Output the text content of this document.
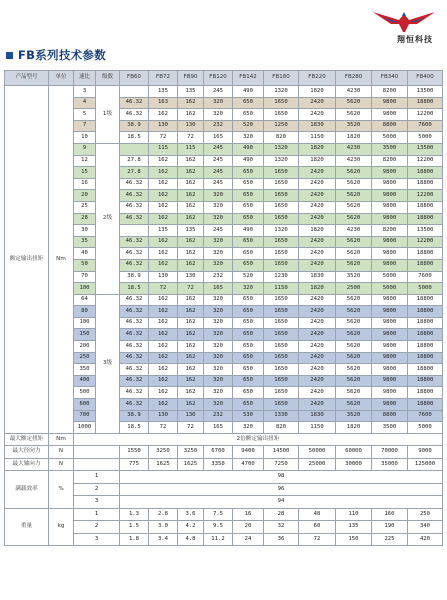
翔恒科技
FB系列技术参数
产品型号	单位	速比	级数	FB60	FB72	FB90	FB120	FB142	FB180	FB220	FB280	FB340	FB400
额定输出扭矩	Nm	3	1级		135	135	245	490	1320	1820	4230	8200	13500
		4		46.32	163	162	320	650	1650	2420	5620	9800	18800
		5		46.32	162	162	320	650	1650	2420	5620	9800	12200
		7		38.9	130	130	232	520	1250	1830	3520	8800	7600
		10		18.5	72	72	165	320	820	1150	1820	5000	5000
		9	2级		115	115	245	490	1320	1820	4230	3500	13500
		12		27.8	162	162	245	490	1320	1820	4230	8200	12200
		15		27.8	162	162	245	650	1650	2420	5620	9800	18800
		16		46.32	162	162	245	650	1650	2420	5620	9800	18800
		20		46.32	162	162	320	650	1650	2420	5620	9800	12200
		25		46.32	162	162	320	650	1650	2420	5620	9800	18800
		28		46.32	162	162	320	650	1650	2420	5620	9800	18800
		30			135	135	245	490	1320	1820	4230	8200	13500
		35		46.32	162	162	320	650	1650	2420	5620	9800	12200
		40		46.32	162	162	320	650	1650	2420	5620	9800	18800
		50		46.32	162	162	320	650	1650	2420	5620	9800	18800
		70		38.9	130	130	232	520	1230	1830	3520	5000	7600
		100		18.5	72	72	165	320	1150	1820	2500	5000	5000
		64	3级	46.32	162	162	320	650	1650	2420	5620	9800	18800
		80		46.32	162	162	320	650	1650	2420	5620	9800	18800
		100		46.32	162	162	320	650	1650	2420	5620	9800	18800
		150		46.32	162	162	320	650	1650	2420	5620	9800	18800
		200		46.32	162	162	320	650	1650	2420	5620	9800	18800
		250		46.32	162	162	320	650	1650	2420	5620	9800	18800
		350		46.32	162	162	320	650	1650	2420	5620	9800	18800
		400		46.32	162	162	320	650	1650	2420	5620	9800	18800
		500		46.32	162	162	320	650	1650	2420	5620	9800	18800
		600		46.32	162	162	320	650	1650	2420	5620	9800	18800
		700		38.9	130	130	232	530	1330	1830	3520	8800	7600
		1000		18.5	72	72	165	320	820	1150	1820	3500	5000
最大额定扭矩	Nm	2倍额定输出扭矩											
最大径向力	N			1550	3250	3250	6700	9400	14500	50000	60000	70000	9000
最大轴向力	N			775	1625	1625	3350	4700	7250	25000	30000	35000	125000
满载效率	%	1		98									
		2		96									
		3		94									
重量	kg	1		1.3	2.8	3.6	7.5	16	28	48	110	160	250
		2		1.5	3.0	4.2	9.5	20	32	60	135	190	340
		3		1.8	3.4	4.8	11.2	24	36	72	150	225	420
